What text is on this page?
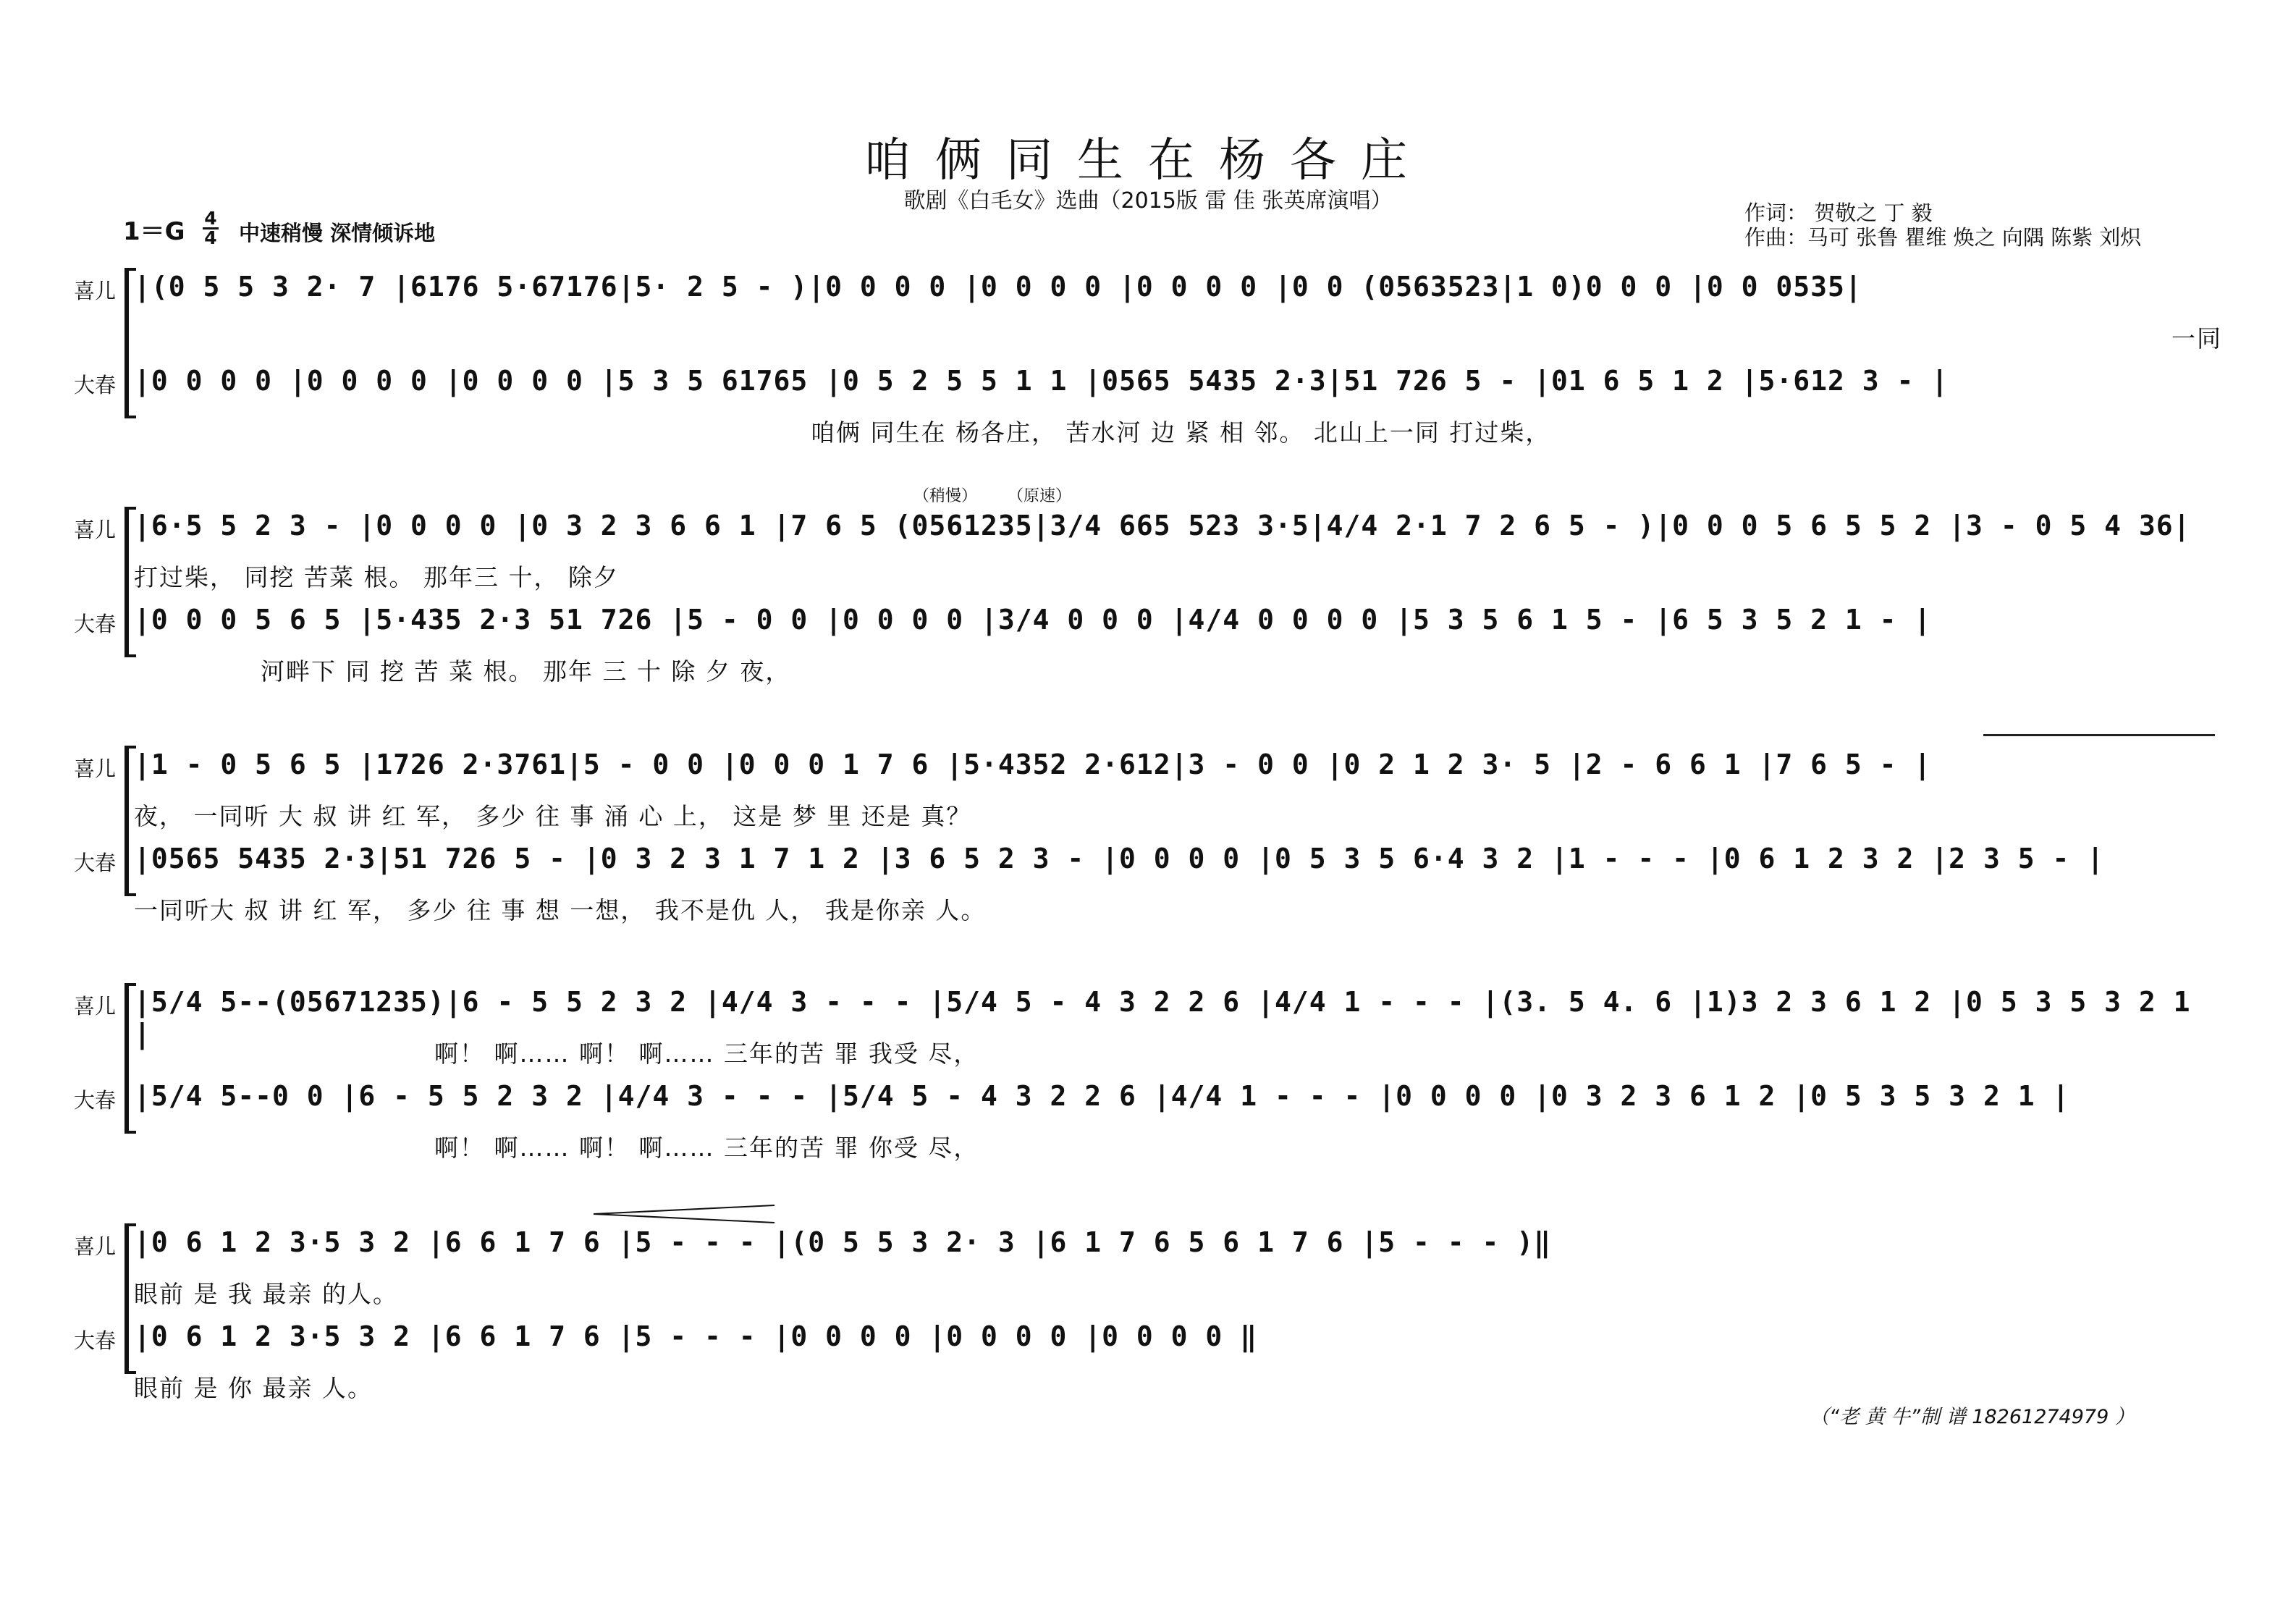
咱俩同生在杨各庄
歌剧《白毛女》选曲（2015版 雷 佳 张英席演唱）	作词： 贺敬之 丁 毅
作曲：马可 张鲁 瞿维 焕之 向隅 陈紫 刘炽
1＝G 4
4 中速稍慢 深情倾诉地
（稍慢） （原速）
喜儿 |(0 5 5 3 2· 7 |6176 5·67176|5· 2 5 - )|0 0 0 0 |0 0 0 0 |0 0 0 0 |0 0 (0563523|1 0)0 0 0 |0 0 0535|
一同
大春 |0 0 0 0 |0 0 0 0 |0 0 0 0 |5 3 5 61765 |0 5 2 5 5 1 1 |0565 5435 2·3|51 726 5 - |01 6 5 1 2 |5·612 3 - |
咱俩 同生在 杨各庄， 苦水河 边 紧 相 邻。 北山上一同 打过柴，
喜儿 |6·5 5 2 3 - |0 0 0 0 |0 3 2 3 6 6 1 |7 6 5 (0561235|3/4 665 523 3·5|4/4 2·1 7 2 6 5 - )|0 0 0 5 6 5 5 2 |3 - 0 5 4 36|
打过柴， 同挖 苦菜 根。 那年三 十， 除夕
大春 |0 0 0 5 6 5 |5·435 2·3 51 726 |5 - 0 0 |0 0 0 0 |3/4 0 0 0 |4/4 0 0 0 0 |5 3 5 6 1 5 - |6 5 3 5 2 1 - |
河畔下 同 挖 苦 菜 根。 那年 三 十 除 夕 夜，
喜儿 |1 - 0 5 6 5 |1726 2·3761|5 - 0 0 |0 0 0 1 7 6 |5·4352 2·612|3 - 0 0 |0 2 1 2 3· 5 |2 - 6 6 1 |7 6 5 - |
夜， 一同听 大 叔 讲 红 军， 多少 往 事 涌 心 上， 这是 梦 里 还是 真？
大春 |0565 5435 2·3|51 726 5 - |0 3 2 3 1 7 1 2 |3 6 5 2 3 - |0 0 0 0 |0 5 3 5 6·4 3 2 |1 - - - |0 6 1 2 3 2 |2 3 5 - |
一同听大 叔 讲 红 军， 多少 往 事 想 一想， 我不是仇 人， 我是你亲 人。
喜儿 |5/4 5--(05671235)|6 - 5 5 2 3 2 |4/4 3 - - - |5/4 5 - 4 3 2 2 6 |4/4 1 - - - |(3. 5 4. 6 |1)3 2 3 6 1 2 |0 5 3 5 3 2 1 |
啊！ 啊…… 啊！ 啊…… 三年的苦 罪 我受 尽，
大春 |5/4 5--0 0 |6 - 5 5 2 3 2 |4/4 3 - - - |5/4 5 - 4 3 2 2 6 |4/4 1 - - - |0 0 0 0 |0 3 2 3 6 1 2 |0 5 3 5 3 2 1 |
啊！ 啊…… 啊！ 啊…… 三年的苦 罪 你受 尽，
喜儿 |0 6 1 2 3·5 3 2 |6 6 1 7 6 |5 - - - |(0 5 5 3 2· 3 |6 1 7 6 5 6 1 7 6 |5 - - - )‖
眼前 是 我 最亲 的人。
大春 |0 6 1 2 3·5 3 2 |6 6 1 7 6 |5 - - - |0 0 0 0 |0 0 0 0 |0 0 0 0 ‖
眼前 是 你 最亲 人。
（“老 黄 牛”制 谱 18261274979 ）
